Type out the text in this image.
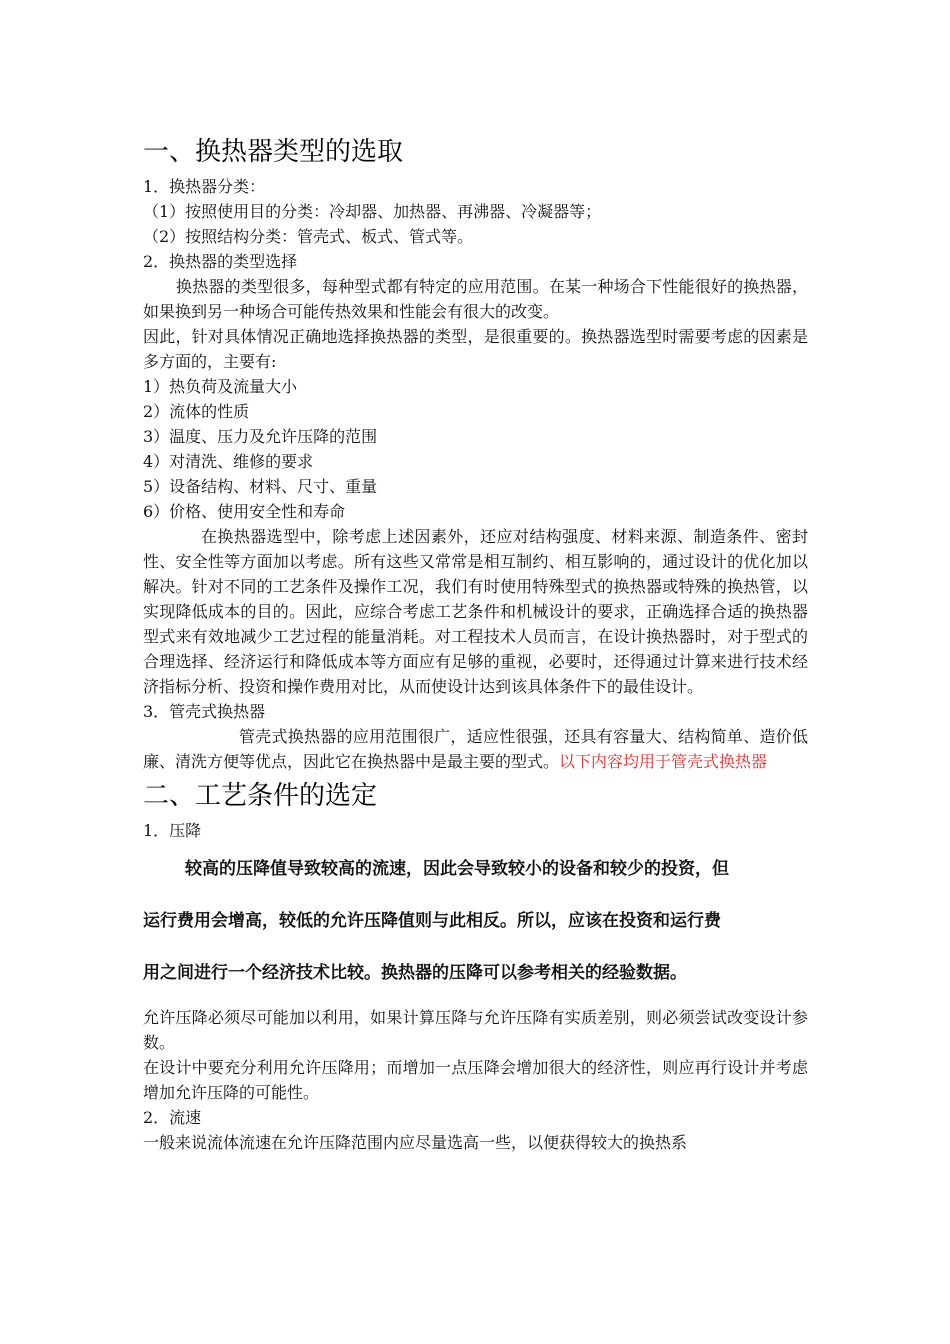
一、换热器类型的选取

1．换热器分类：

（1）按照使用目的分类：冷却器、加热器、再沸器、冷凝器等；

（2）按照结构分类：管壳式、板式、管式等。

2．换热器的类型选择

换热器的类型很多，每种型式都有特定的应用范围。在某一种场合下性能很好的换热器，如果换到另一种场合可能传热效果和性能会有很大的改变。

因此，针对具体情况正确地选择换热器的类型，是很重要的。换热器选型时需要考虑的因素是多方面的，主要有:

1）热负荷及流量大小

2）流体的性质

3）温度、压力及允许压降的范围

4）对清洗、维修的要求

5）设备结构、材料、尺寸、重量

6）价格、使用安全性和寿命

在换热器选型中，除考虑上述因素外，还应对结构强度、材料来源、制造条件、密封性、安全性等方面加以考虑。所有这些又常常是相互制约、相互影响的，通过设计的优化加以解决。针对不同的工艺条件及操作工况，我们有时使用特殊型式的换热器或特殊的换热管，以实现降低成本的目的。因此，应综合考虑工艺条件和机械设计的要求，正确选择合适的换热器型式来有效地减少工艺过程的能量消耗。对工程技术人员而言，在设计换热器时，对于型式的合理选择、经济运行和降低成本等方面应有足够的重视，必要时，还得通过计算来进行技术经济指标分析、投资和操作费用对比，从而使设计达到该具体条件下的最佳设计。

3．管壳式换热器

管壳式换热器的应用范围很广，适应性很强，还具有容量大、结构简单、造价低廉、清洗方便等优点，因此它在换热器中是最主要的型式。以下内容均用于管壳式换热器

二、工艺条件的选定

1．压降

较高的压降值导致较高的流速，因此会导致较小的设备和较少的投资，但

运行费用会增高，较低的允许压降值则与此相反。所以，应该在投资和运行费

用之间进行一个经济技术比较。换热器的压降可以参考相关的经验数据。

允许压降必须尽可能加以利用，如果计算压降与允许压降有实质差别，则必须尝试改变设计参数。

在设计中要充分利用允许压降用；而增加一点压降会增加很大的经济性，则应再行设计并考虑增加允许压降的可能性。

2．流速

一般来说流体流速在允许压降范围内应尽量选高一些，以便获得较大的换热系
